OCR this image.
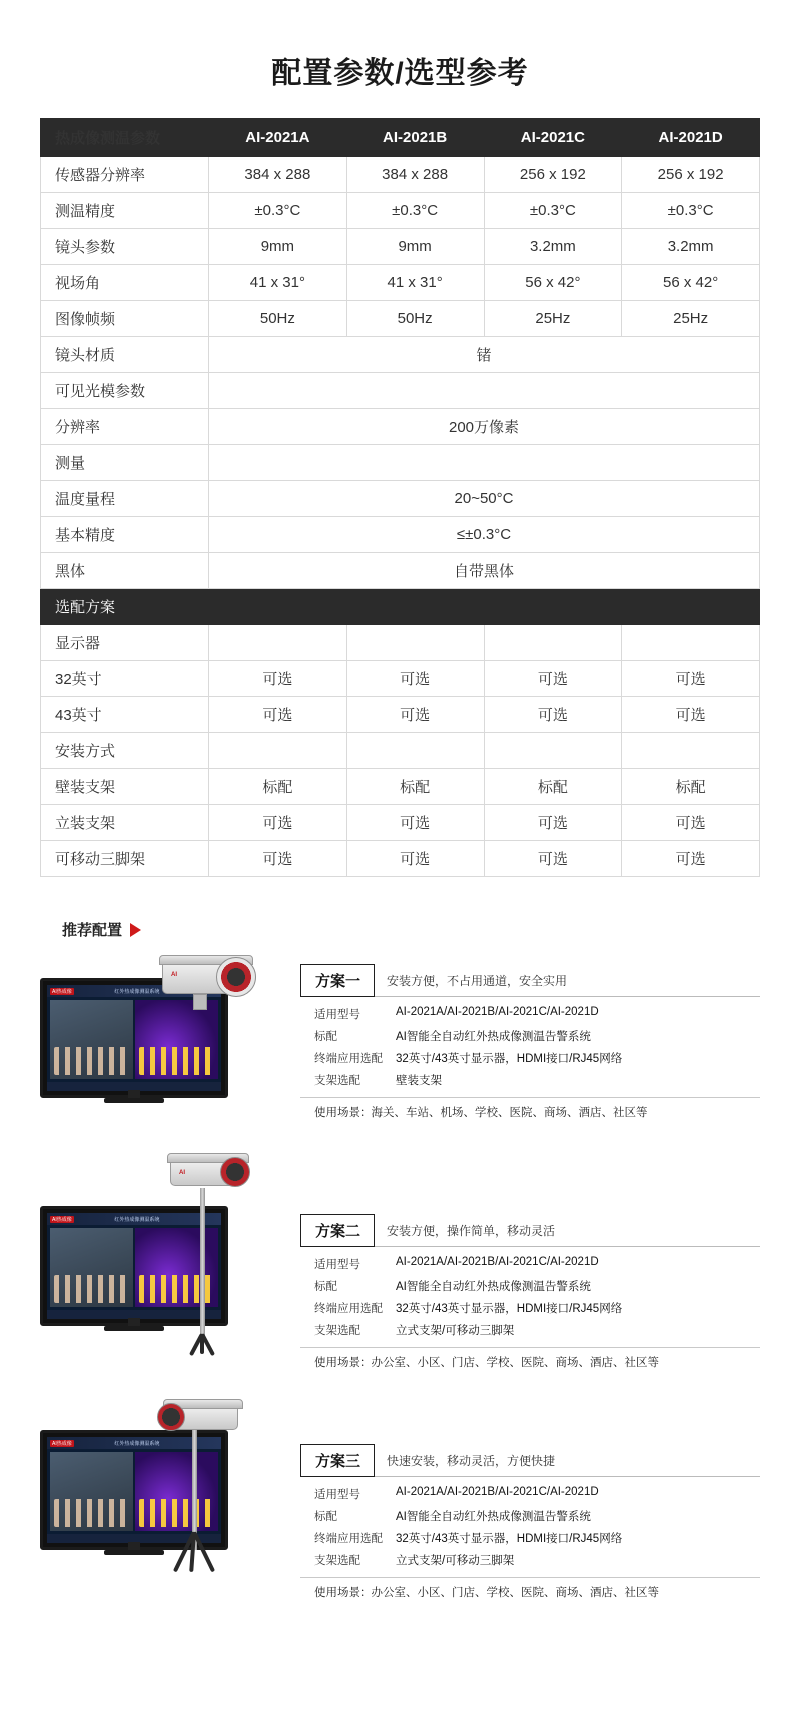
配置参数/选型参考
热成像测温参数	AI-2021A	AI-2021B	AI-2021C	AI-2021D
传感器分辨率	384 x 288	384 x 288	256 x 192	256 x 192
测温精度	±0.3°C	±0.3°C	±0.3°C	±0.3°C
镜头参数	9mm	9mm	3.2mm	3.2mm
视场角	41 x 31°	41 x 31°	56 x 42°	56 x 42°
图像帧频	50Hz	50Hz	25Hz	25Hz
镜头材质	锗			
可见光模参数				
分辨率	200万像素			
测量				
温度量程	20~50°C			
基本精度	≤±0.3°C			
黑体	自带黑体			
选配方案				
显示器				
32英寸	可选	可选	可选	可选
43英寸	可选	可选	可选	可选
安装方式				
壁装支架	标配	标配	标配	标配
立装支架	可选	可选	可选	可选
可移动三脚架	可选	可选	可选	可选
推荐配置
AI热成像	红外热成像测温系统
AI	方案一	安装方便，不占用通道，安全实用
适用型号	AI-2021A/AI-2021B/AI-2021C/AI-2021D
标配	AI智能全自动红外热成像测温告警系统
终端应用选配	32英寸/43英寸显示器，HDMI接口/RJ45网络
支架选配	壁装支架
使用场景：海关、车站、机场、学校、医院、商场、酒店、社区等
AI热成像	红外热成像测温系统
AI
方案二	安装方便，操作简单，移动灵活
适用型号	AI-2021A/AI-2021B/AI-2021C/AI-2021D
标配	AI智能全自动红外热成像测温告警系统
终端应用选配	32英寸/43英寸显示器，HDMI接口/RJ45网络
支架选配	立式支架/可移动三脚架
使用场景：办公室、小区、门店、学校、医院、商场、酒店、社区等
AI热成像	红外热成像测温系统
方案三	快速安装，移动灵活，方便快捷
适用型号	AI-2021A/AI-2021B/AI-2021C/AI-2021D
标配	AI智能全自动红外热成像测温告警系统
终端应用选配	32英寸/43英寸显示器，HDMI接口/RJ45网络
支架选配	立式支架/可移动三脚架
使用场景：办公室、小区、门店、学校、医院、商场、酒店、社区等
